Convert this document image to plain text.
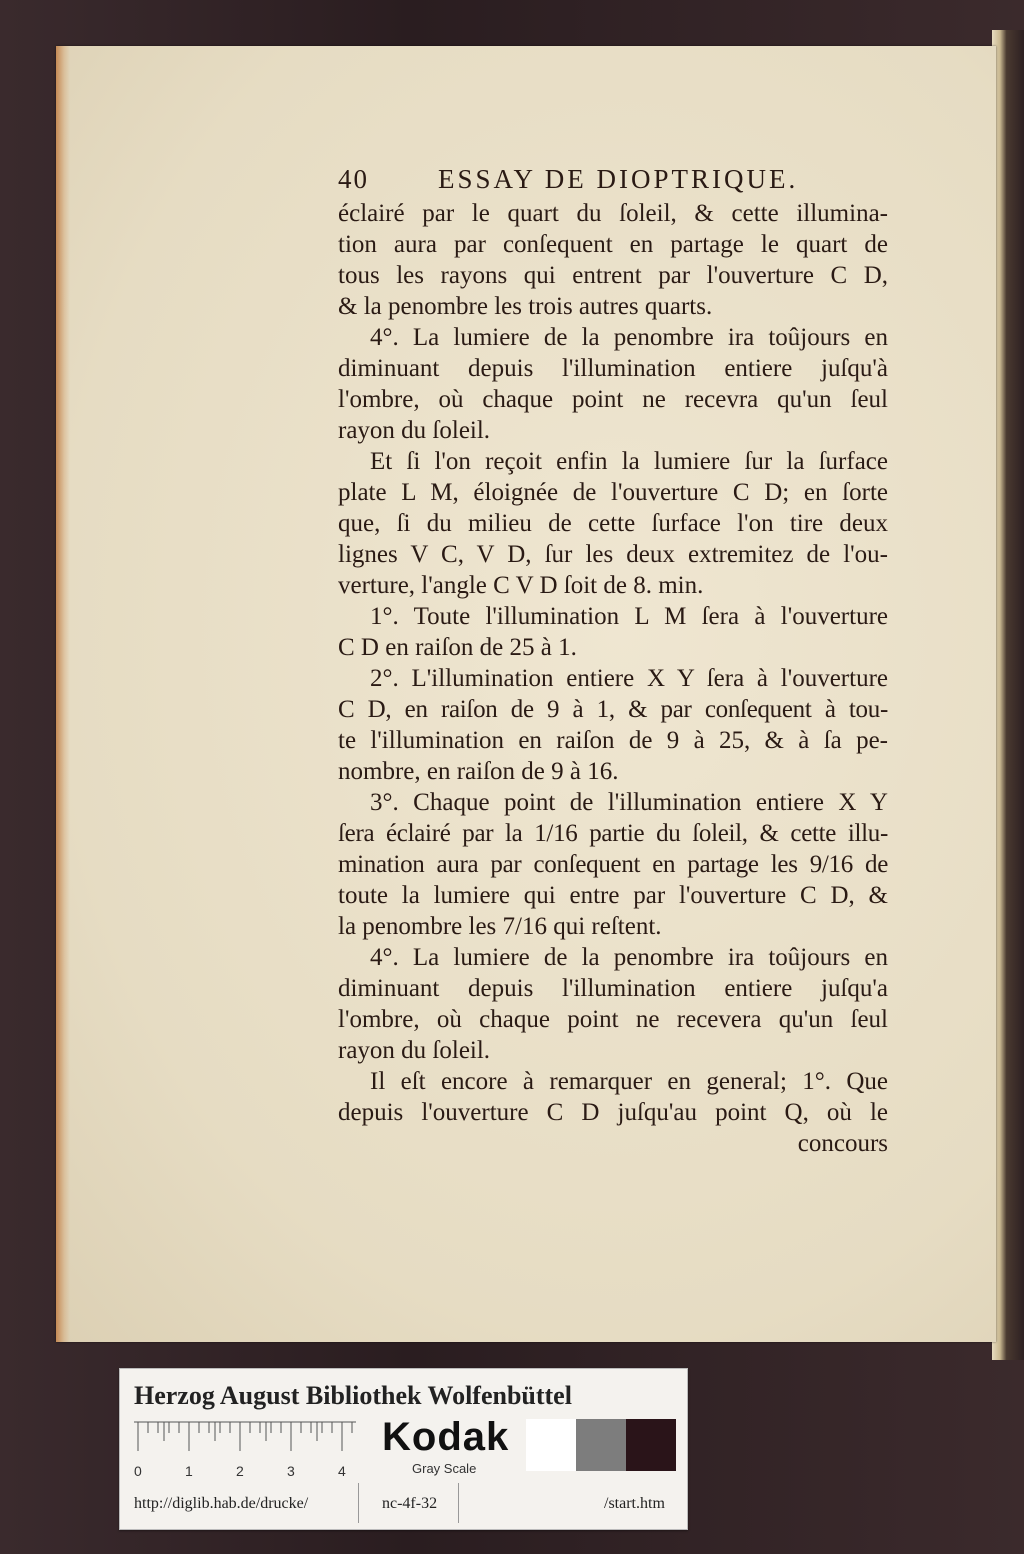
40	ESSAY DE DIOPTRIQUE.
éclairé par le quart du ſoleil, & cette illumina-
tion aura par conſequent en partage le quart de
tous les rayons qui entrent par l'ouverture C D,
& la penombre les trois autres quarts.
4°. La lumiere de la penombre ira toûjours en
diminuant depuis l'illumination entiere juſqu'à
l'ombre, où chaque point ne recevra qu'un ſeul
rayon du ſoleil.
Et ſi l'on reçoit enfin la lumiere ſur la ſurface
plate L M, éloignée de l'ouverture C D; en ſorte
que, ſi du milieu de cette ſurface l'on tire deux
lignes V C, V D, ſur les deux extremitez de l'ou-
verture, l'angle C V D ſoit de 8. min.
1°. Toute l'illumination L M ſera à l'ouverture
C D en raiſon de 25 à 1.
2°. L'illumination entiere X Y ſera à l'ouverture
C D, en raiſon de 9 à 1, & par conſequent à tou-
te l'illumination en raiſon de 9 à 25, & à ſa pe-
nombre, en raiſon de 9 à 16.
3°. Chaque point de l'illumination entiere X Y
ſera éclairé par la 1/16 partie du ſoleil, & cette illu-
mination aura par conſequent en partage les 9/16 de
toute la lumiere qui entre par l'ouverture C D, &
la penombre les 7/16 qui reſtent.
4°. La lumiere de la penombre ira toûjours en
diminuant depuis l'illumination entiere juſqu'a
l'ombre, où chaque point ne recevera qu'un ſeul
rayon du ſoleil.
Il eſt encore à remarquer en general; 1°. Que
depuis l'ouverture C D juſqu'au point Q, où le
concours
Herzog August Bibliothek Wolfenbüttel
0	1	2	3	4
Kodak
Gray Scale
http://diglib.hab.de/drucke/	nc-4f-32	/start.htm
